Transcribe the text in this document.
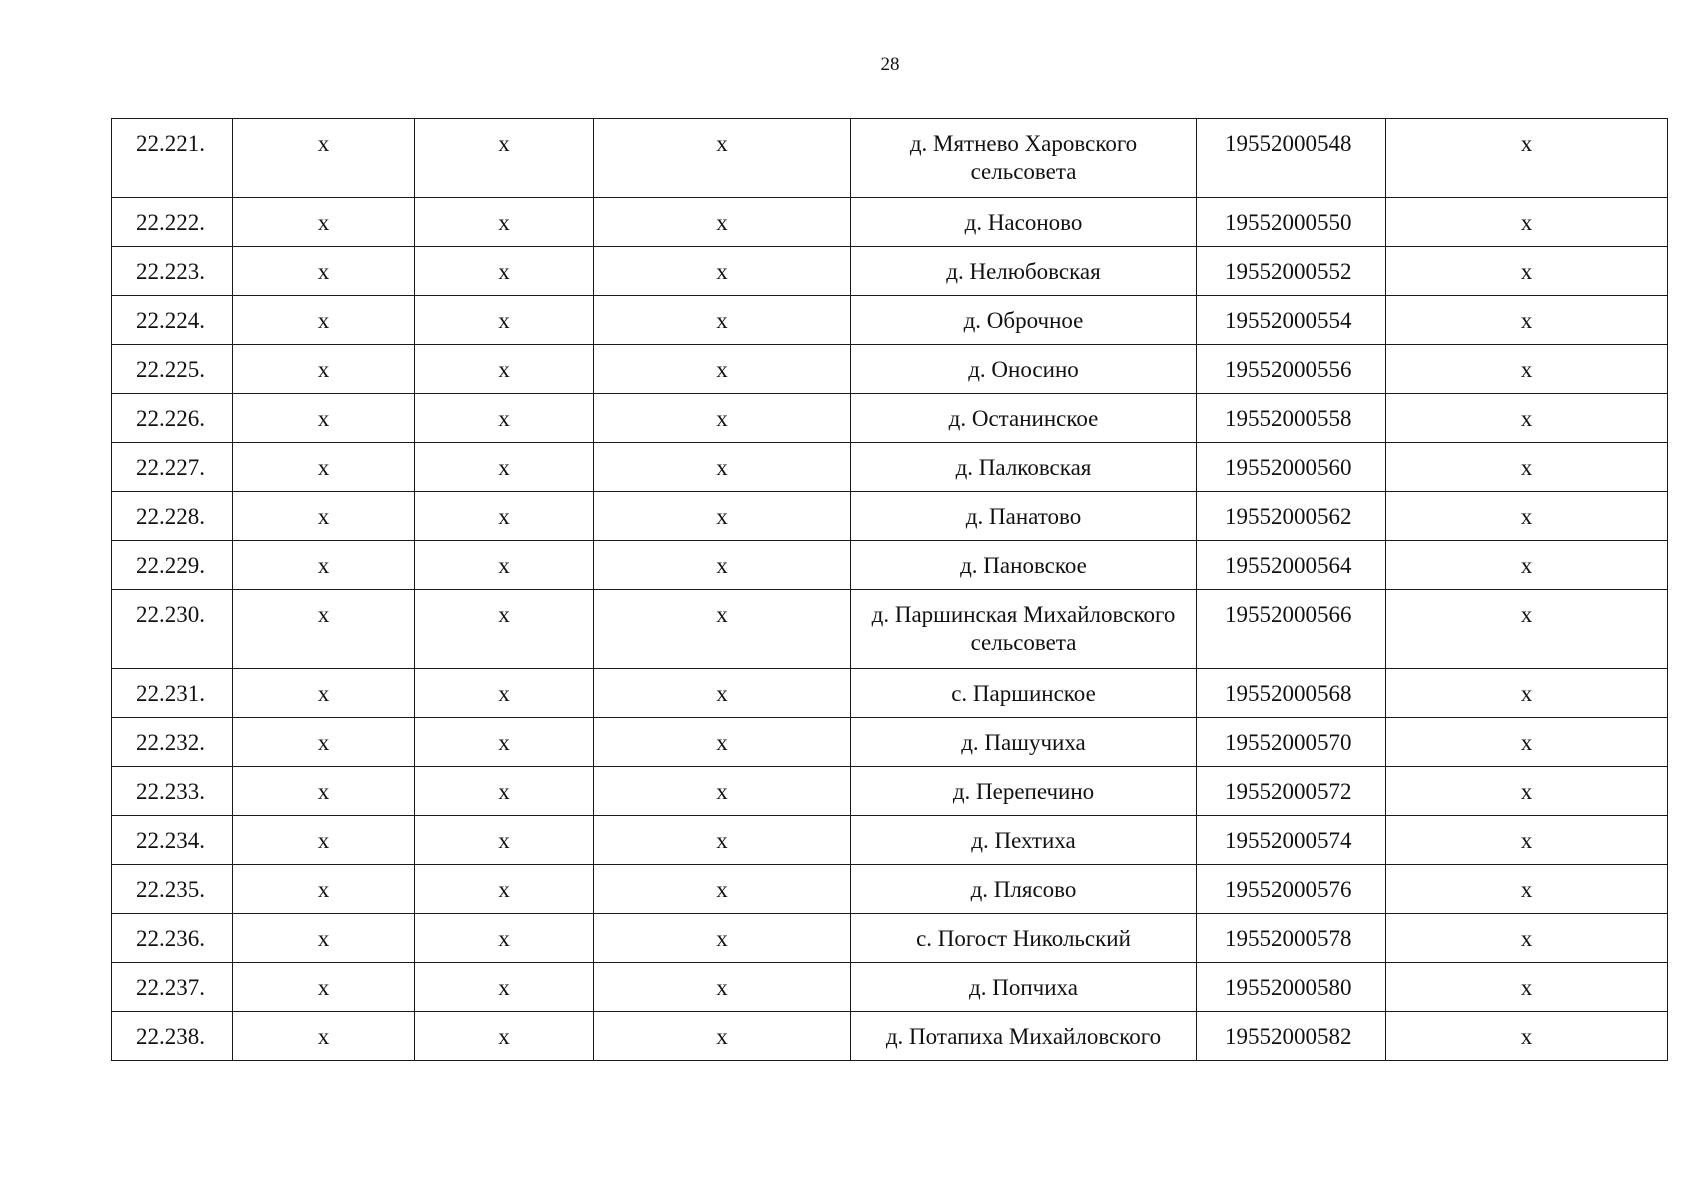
28
22.221.	х	х	х	д. Мятнево Харовского сельсовета	19552000548	х

22.222.	х	х	х	д. Насоново	19552000550	х

22.223.	х	х	х	д. Нелюбовская	19552000552	х

22.224.	х	х	х	д. Оброчное	19552000554	х

22.225.	х	х	х	д. Оносино	19552000556	х

22.226.	х	х	х	д. Останинское	19552000558	х

22.227.	х	х	х	д. Палковская	19552000560	х

22.228.	х	х	х	д. Панатово	19552000562	х

22.229.	х	х	х	д. Пановское	19552000564	х

22.230.	х	х	х	д. Паршинская Михайловского сельсовета	19552000566	х

22.231.	х	х	х	с. Паршинское	19552000568	х

22.232.	х	х	х	д. Пашучиха	19552000570	х

22.233.	х	х	х	д. Перепечино	19552000572	х

22.234.	х	х	х	д. Пехтиха	19552000574	х

22.235.	х	х	х	д. Плясово	19552000576	х

22.236.	х	х	х	с. Погост Никольский	19552000578	х

22.237.	х	х	х	д. Попчиха	19552000580	х

22.238.	х	х	х	д. Потапиха Михайловского	19552000582	х
